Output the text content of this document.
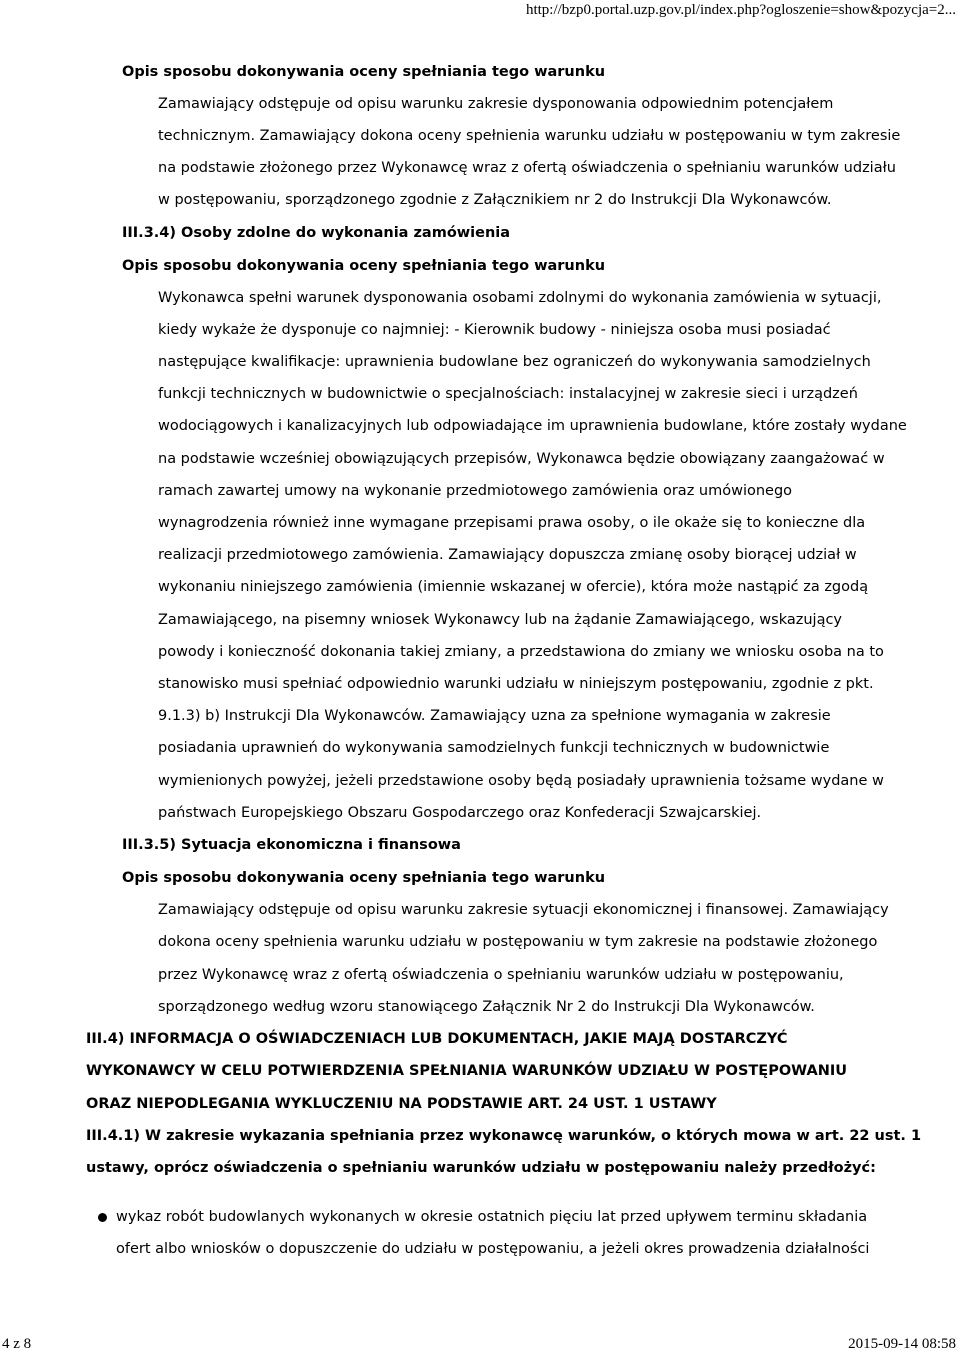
http://bzp0.portal.uzp.gov.pl/index.php?ogloszenie=show&pozycja=2...
Opis sposobu dokonywania oceny spełniania tego warunku
Zamawiający odstępuje od opisu warunku zakresie dysponowania odpowiednim potencjałem
technicznym. Zamawiający dokona oceny spełnienia warunku udziału w postępowaniu w tym zakresie
na podstawie złożonego przez Wykonawcę wraz z ofertą oświadczenia o spełnianiu warunków udziału
w postępowaniu, sporządzonego zgodnie z Załącznikiem nr 2 do Instrukcji Dla Wykonawców.
III.3.4) Osoby zdolne do wykonania zamówienia
Opis sposobu dokonywania oceny spełniania tego warunku
Wykonawca spełni warunek dysponowania osobami zdolnymi do wykonania zamówienia w sytuacji,
kiedy wykaże że dysponuje co najmniej: - Kierownik budowy - niniejsza osoba musi posiadać
następujące kwalifikacje: uprawnienia budowlane bez ograniczeń do wykonywania samodzielnych
funkcji technicznych w budownictwie o specjalnościach: instalacyjnej w zakresie sieci i urządzeń
wodociągowych i kanalizacyjnych lub odpowiadające im uprawnienia budowlane, które zostały wydane
na podstawie wcześniej obowiązujących przepisów, Wykonawca będzie obowiązany zaangażować w
ramach zawartej umowy na wykonanie przedmiotowego zamówienia oraz umówionego
wynagrodzenia również inne wymagane przepisami prawa osoby, o ile okaże się to konieczne dla
realizacji przedmiotowego zamówienia. Zamawiający dopuszcza zmianę osoby biorącej udział w
wykonaniu niniejszego zamówienia (imiennie wskazanej w ofercie), która może nastąpić za zgodą
Zamawiającego, na pisemny wniosek Wykonawcy lub na żądanie Zamawiającego, wskazujący
powody i konieczność dokonania takiej zmiany, a przedstawiona do zmiany we wniosku osoba na to
stanowisko musi spełniać odpowiednio warunki udziału w niniejszym postępowaniu, zgodnie z pkt.
9.1.3) b) Instrukcji Dla Wykonawców. Zamawiający uzna za spełnione wymagania w zakresie
posiadania uprawnień do wykonywania samodzielnych funkcji technicznych w budownictwie
wymienionych powyżej, jeżeli przedstawione osoby będą posiadały uprawnienia tożsame wydane w
państwach Europejskiego Obszaru Gospodarczego oraz Konfederacji Szwajcarskiej.
III.3.5) Sytuacja ekonomiczna i finansowa
Opis sposobu dokonywania oceny spełniania tego warunku
Zamawiający odstępuje od opisu warunku zakresie sytuacji ekonomicznej i finansowej. Zamawiający
dokona oceny spełnienia warunku udziału w postępowaniu w tym zakresie na podstawie złożonego
przez Wykonawcę wraz z ofertą oświadczenia o spełnianiu warunków udziału w postępowaniu,
sporządzonego według wzoru stanowiącego Załącznik Nr 2 do Instrukcji Dla Wykonawców.
III.4) INFORMACJA O OŚWIADCZENIACH LUB DOKUMENTACH, JAKIE MAJĄ DOSTARCZYĆ
WYKONAWCY W CELU POTWIERDZENIA SPEŁNIANIA WARUNKÓW UDZIAŁU W POSTĘPOWANIU
ORAZ NIEPODLEGANIA WYKLUCZENIU NA PODSTAWIE ART. 24 UST. 1 USTAWY
III.4.1) W zakresie wykazania spełniania przez wykonawcę warunków, o których mowa w art. 22 ust. 1
ustawy, oprócz oświadczenia o spełnianiu warunków udziału w postępowaniu należy przedłożyć:
wykaz robót budowlanych wykonanych w okresie ostatnich pięciu lat przed upływem terminu składania
ofert albo wniosków o dopuszczenie do udziału w postępowaniu, a jeżeli okres prowadzenia działalności
4 z 8	2015-09-14 08:58
